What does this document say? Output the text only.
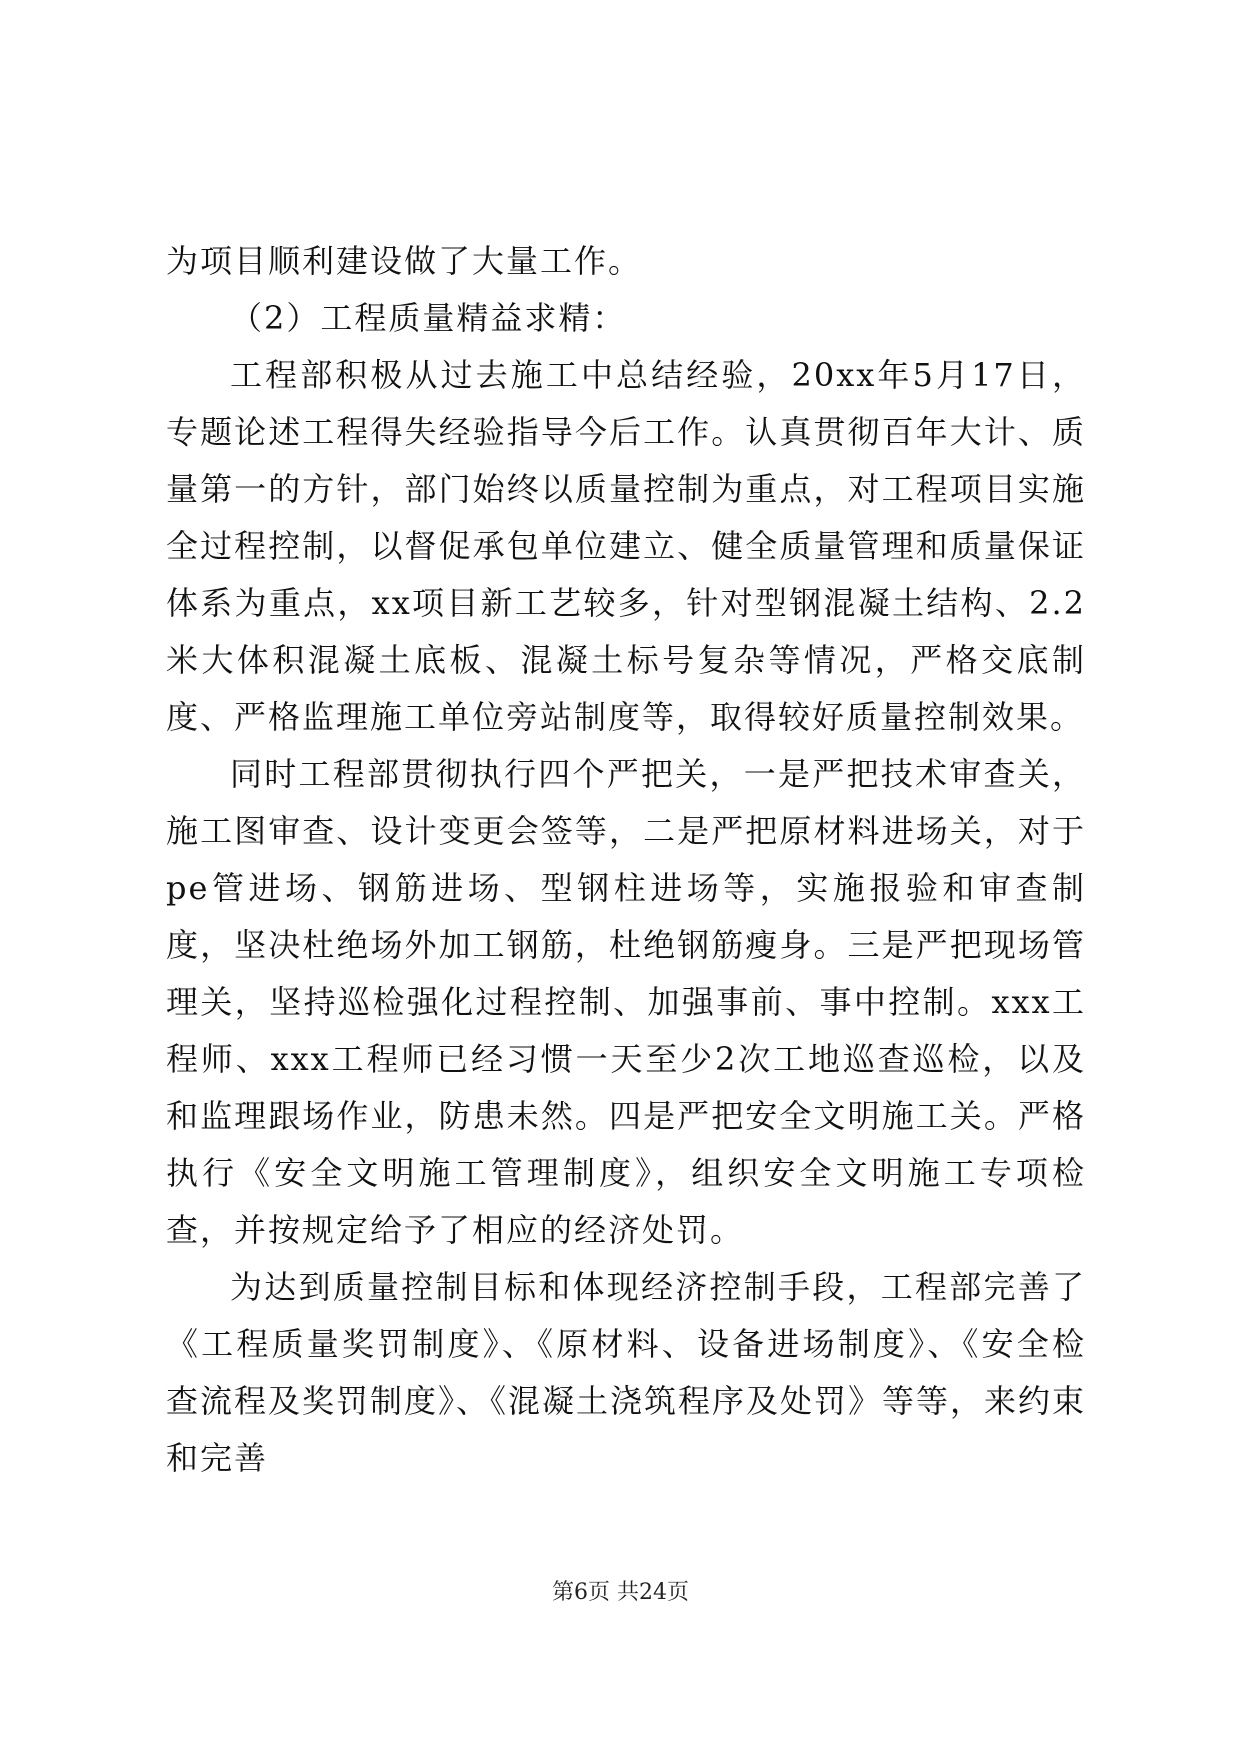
为项目顺利建设做了大量工作。

（2）工程质量精益求精：

工程部积极从过去施工中总结经验，20xx年5月17日，专题论述工程得失经验指导今后工作。认真贯彻百年大计、质量第一的方针，部门始终以质量控制为重点，对工程项目实施全过程控制，以督促承包单位建立、健全质量管理和质量保证体系为重点，xx项目新工艺较多，针对型钢混凝土结构、2.2米大体积混凝土底板、混凝土标号复杂等情况，严格交底制度、严格监理施工单位旁站制度等，取得较好质量控制效果。

同时工程部贯彻执行四个严把关，一是严把技术审查关，施工图审查、设计变更会签等，二是严把原材料进场关，对于pe管进场、钢筋进场、型钢柱进场等，实施报验和审查制度，坚决杜绝场外加工钢筋，杜绝钢筋瘦身。三是严把现场管理关，坚持巡检强化过程控制、加强事前、事中控制。xxx工程师、xxx工程师已经习惯一天至少2次工地巡查巡检，以及和监理跟场作业，防患未然。四是严把安全文明施工关。严格执行《安全文明施工管理制度》，组织安全文明施工专项检查，并按规定给予了相应的经济处罚。

为达到质量控制目标和体现经济控制手段，工程部完善了《工程质量奖罚制度》、《原材料、设备进场制度》、《安全检查流程及奖罚制度》、《混凝土浇筑程序及处罚》等等，来约束和完善

第6页 共24页
